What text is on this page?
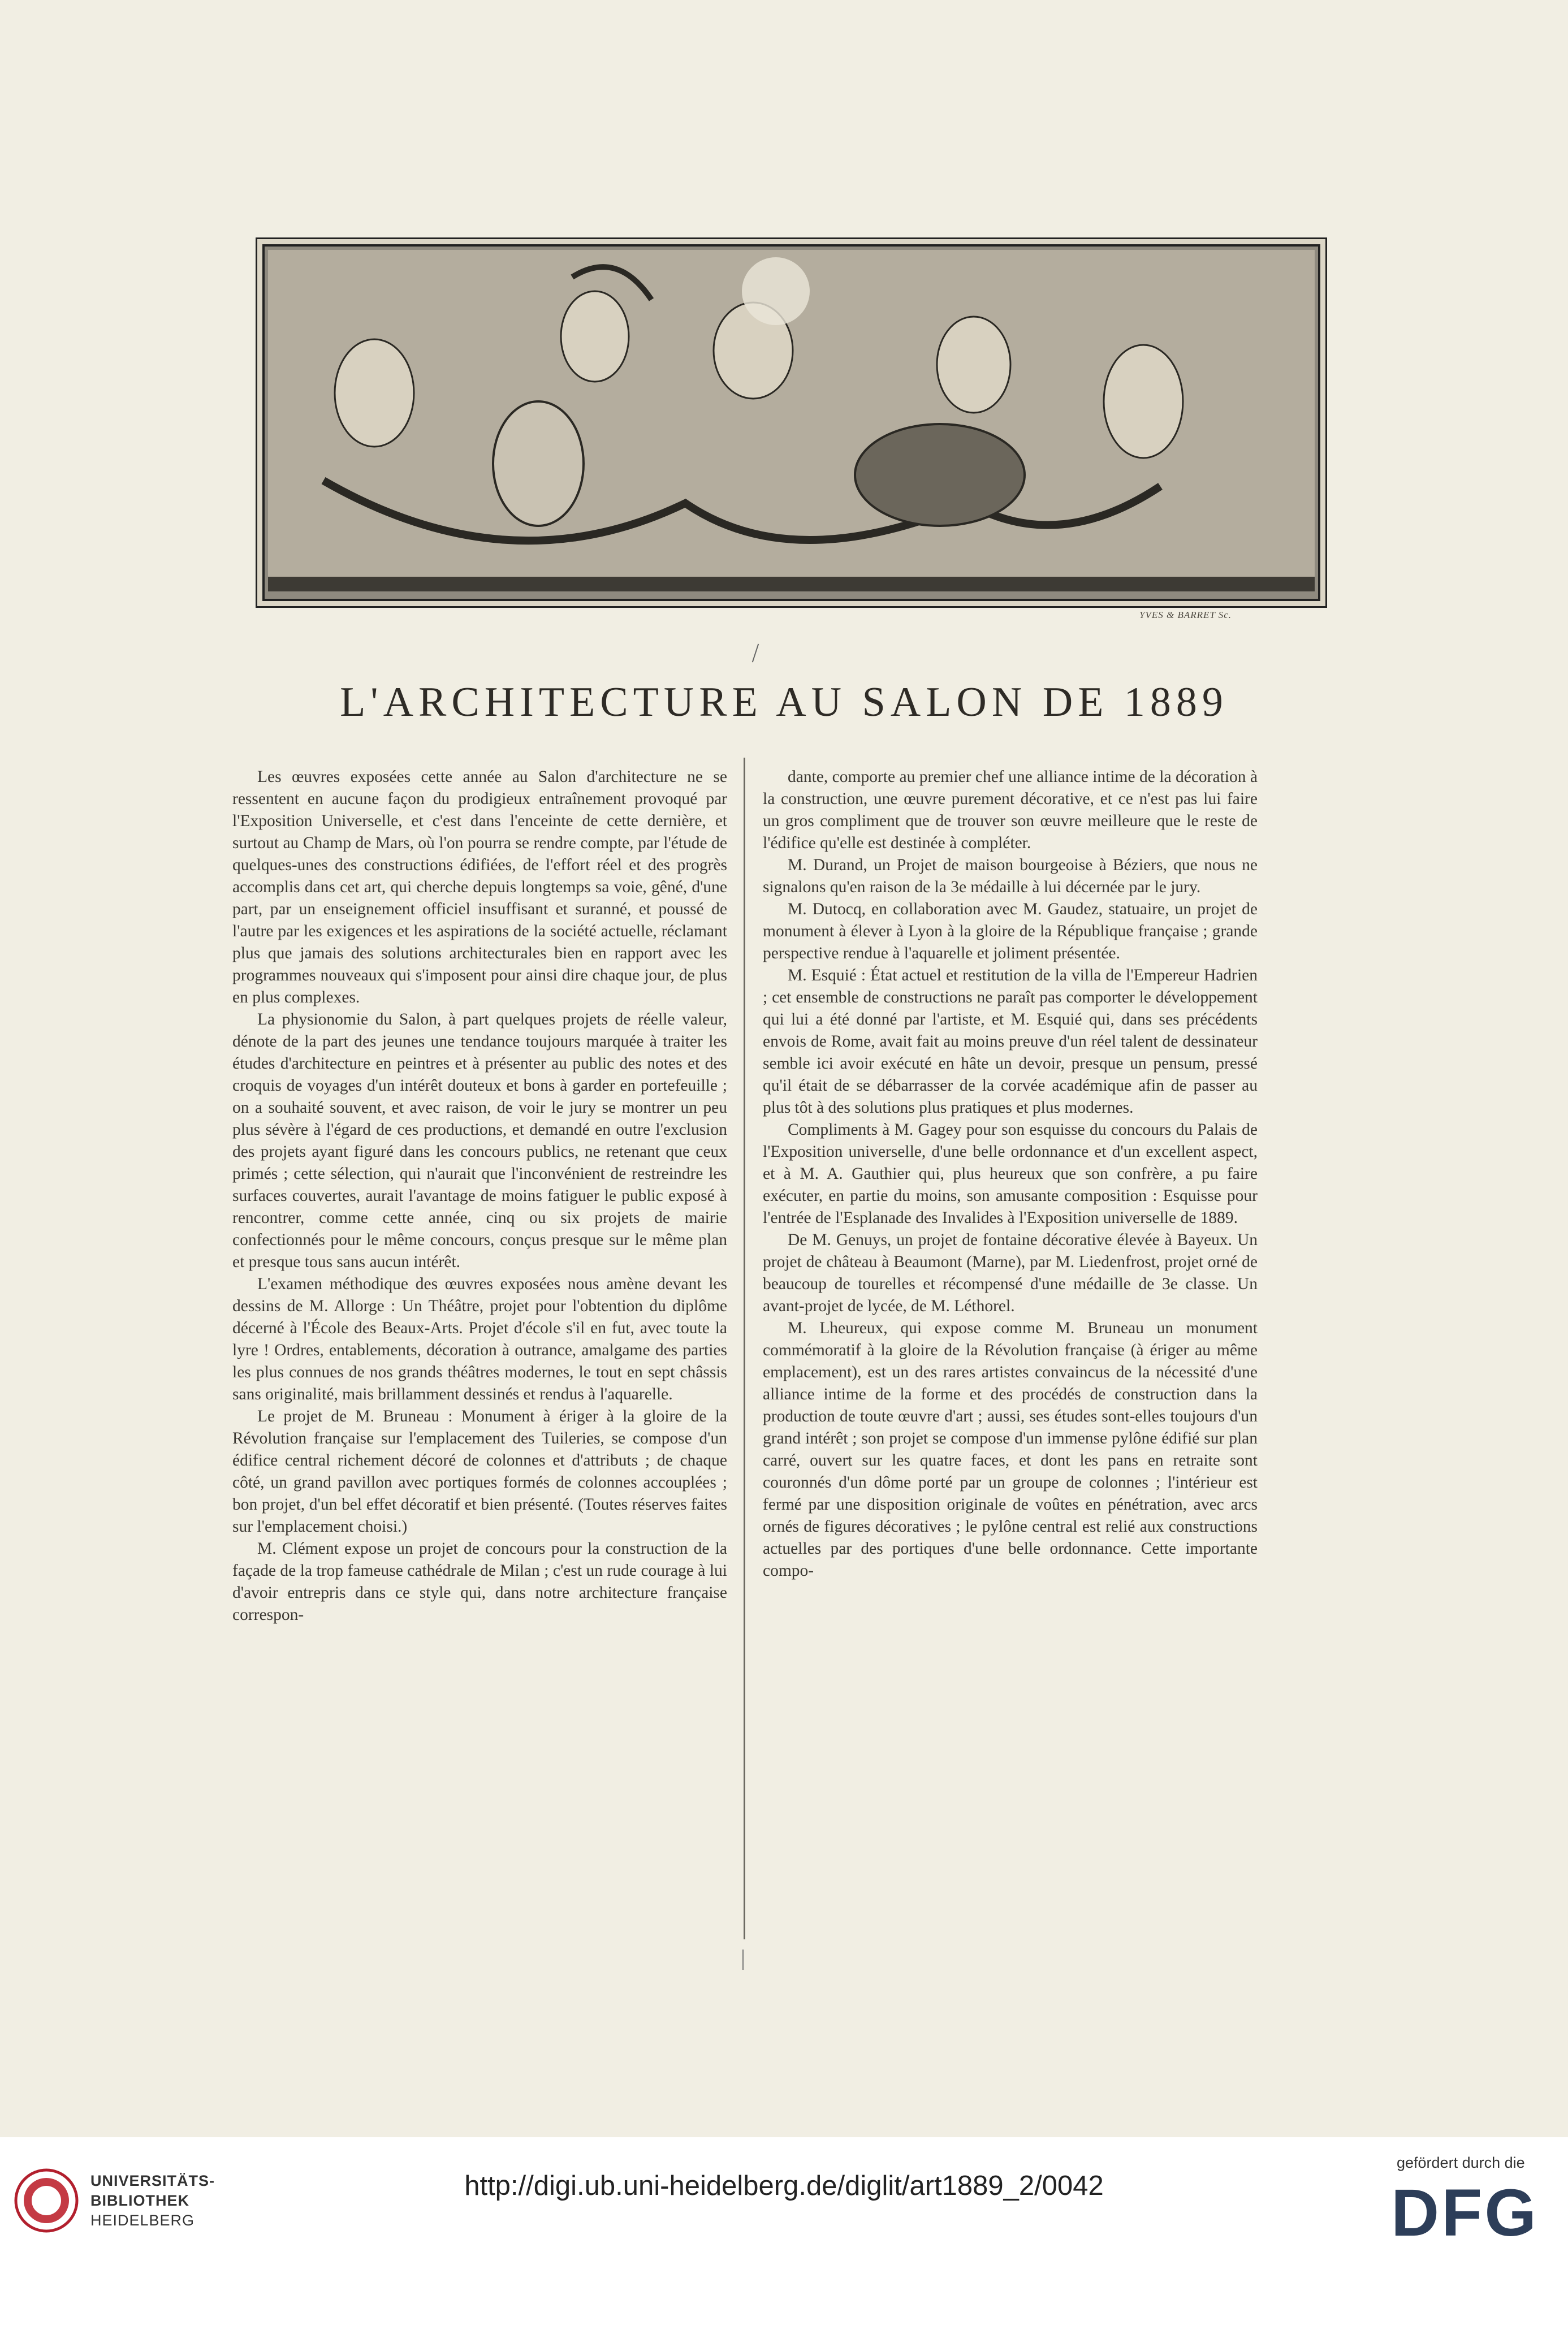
YVES & BARRET Sc.
L'ARCHITECTURE AU SALON DE 1889

Les œuvres exposées cette année au Salon d'architecture ne se ressentent en aucune façon du prodigieux entraînement provoqué par l'Exposition Universelle, et c'est dans l'enceinte de cette dernière, et surtout au Champ de Mars, où l'on pourra se rendre compte, par l'étude de quelques-unes des constructions édifiées, de l'effort réel et des progrès accomplis dans cet art, qui cherche depuis longtemps sa voie, gêné, d'une part, par un enseignement officiel insuffisant et suranné, et poussé de l'autre par les exigences et les aspirations de la société actuelle, réclamant plus que jamais des solutions architecturales bien en rapport avec les programmes nouveaux qui s'imposent pour ainsi dire chaque jour, de plus en plus complexes.

La physionomie du Salon, à part quelques projets de réelle valeur, dénote de la part des jeunes une tendance toujours marquée à traiter les études d'architecture en peintres et à présenter au public des notes et des croquis de voyages d'un intérêt douteux et bons à garder en portefeuille ; on a souhaité souvent, et avec raison, de voir le jury se montrer un peu plus sévère à l'égard de ces productions, et demandé en outre l'exclusion des projets ayant figuré dans les concours publics, ne retenant que ceux primés ; cette sélection, qui n'aurait que l'inconvénient de restreindre les surfaces couvertes, aurait l'avantage de moins fatiguer le public exposé à rencontrer, comme cette année, cinq ou six projets de mairie confectionnés pour le même concours, conçus presque sur le même plan et presque tous sans aucun intérêt.

L'examen méthodique des œuvres exposées nous amène devant les dessins de M. Allorge : Un Théâtre, projet pour l'obtention du diplôme décerné à l'École des Beaux-Arts. Projet d'école s'il en fut, avec toute la lyre ! Ordres, entablements, décoration à outrance, amalgame des parties les plus connues de nos grands théâtres modernes, le tout en sept châssis sans originalité, mais brillamment dessinés et rendus à l'aquarelle.

Le projet de M. Bruneau : Monument à ériger à la gloire de la Révolution française sur l'emplacement des Tuileries, se compose d'un édifice central richement décoré de colonnes et d'attributs ; de chaque côté, un grand pavillon avec portiques formés de colonnes accouplées ; bon projet, d'un bel effet décoratif et bien présenté. (Toutes réserves faites sur l'emplacement choisi.)

M. Clément expose un projet de concours pour la construction de la façade de la trop fameuse cathédrale de Milan ; c'est un rude courage à lui d'avoir entrepris dans ce style qui, dans notre architecture française correspon-

dante, comporte au premier chef une alliance intime de la décoration à la construction, une œuvre purement décorative, et ce n'est pas lui faire un gros compliment que de trouver son œuvre meilleure que le reste de l'édifice qu'elle est destinée à compléter.

M. Durand, un Projet de maison bourgeoise à Béziers, que nous ne signalons qu'en raison de la 3e médaille à lui décernée par le jury.

M. Dutocq, en collaboration avec M. Gaudez, statuaire, un projet de monument à élever à Lyon à la gloire de la République française ; grande perspective rendue à l'aquarelle et joliment présentée.

M. Esquié : État actuel et restitution de la villa de l'Empereur Hadrien ; cet ensemble de constructions ne paraît pas comporter le développement qui lui a été donné par l'artiste, et M. Esquié qui, dans ses précédents envois de Rome, avait fait au moins preuve d'un réel talent de dessinateur semble ici avoir exécuté en hâte un devoir, presque un pensum, pressé qu'il était de se débarrasser de la corvée académique afin de passer au plus tôt à des solutions plus pratiques et plus modernes.

Compliments à M. Gagey pour son esquisse du concours du Palais de l'Exposition universelle, d'une belle ordonnance et d'un excellent aspect, et à M. A. Gauthier qui, plus heureux que son confrère, a pu faire exécuter, en partie du moins, son amusante composition : Esquisse pour l'entrée de l'Esplanade des Invalides à l'Exposition universelle de 1889.

De M. Genuys, un projet de fontaine décorative élevée à Bayeux. Un projet de château à Beaumont (Marne), par M. Liedenfrost, projet orné de beaucoup de tourelles et récompensé d'une médaille de 3e classe. Un avant-projet de lycée, de M. Léthorel.

M. Lheureux, qui expose comme M. Bruneau un monument commémoratif à la gloire de la Révolution française (à ériger au même emplacement), est un des rares artistes convaincus de la nécessité d'une alliance intime de la forme et des procédés de construction dans la production de toute œuvre d'art ; aussi, ses études sont-elles toujours d'un grand intérêt ; son projet se compose d'un immense pylône édifié sur plan carré, ouvert sur les quatre faces, et dont les pans en retraite sont couronnés d'un dôme porté par un groupe de colonnes ; l'intérieur est fermé par une disposition originale de voûtes en pénétration, avec arcs ornés de figures décoratives ; le pylône central est relié aux constructions actuelles par des portiques d'une belle ordonnance. Cette importante compo-

UNIVERSITÄTS-
BIBLIOTHEK
HEIDELBERG
http://digi.ub.uni-heidelberg.de/diglit/art1889_2/0042
gefördert durch die
DFG
